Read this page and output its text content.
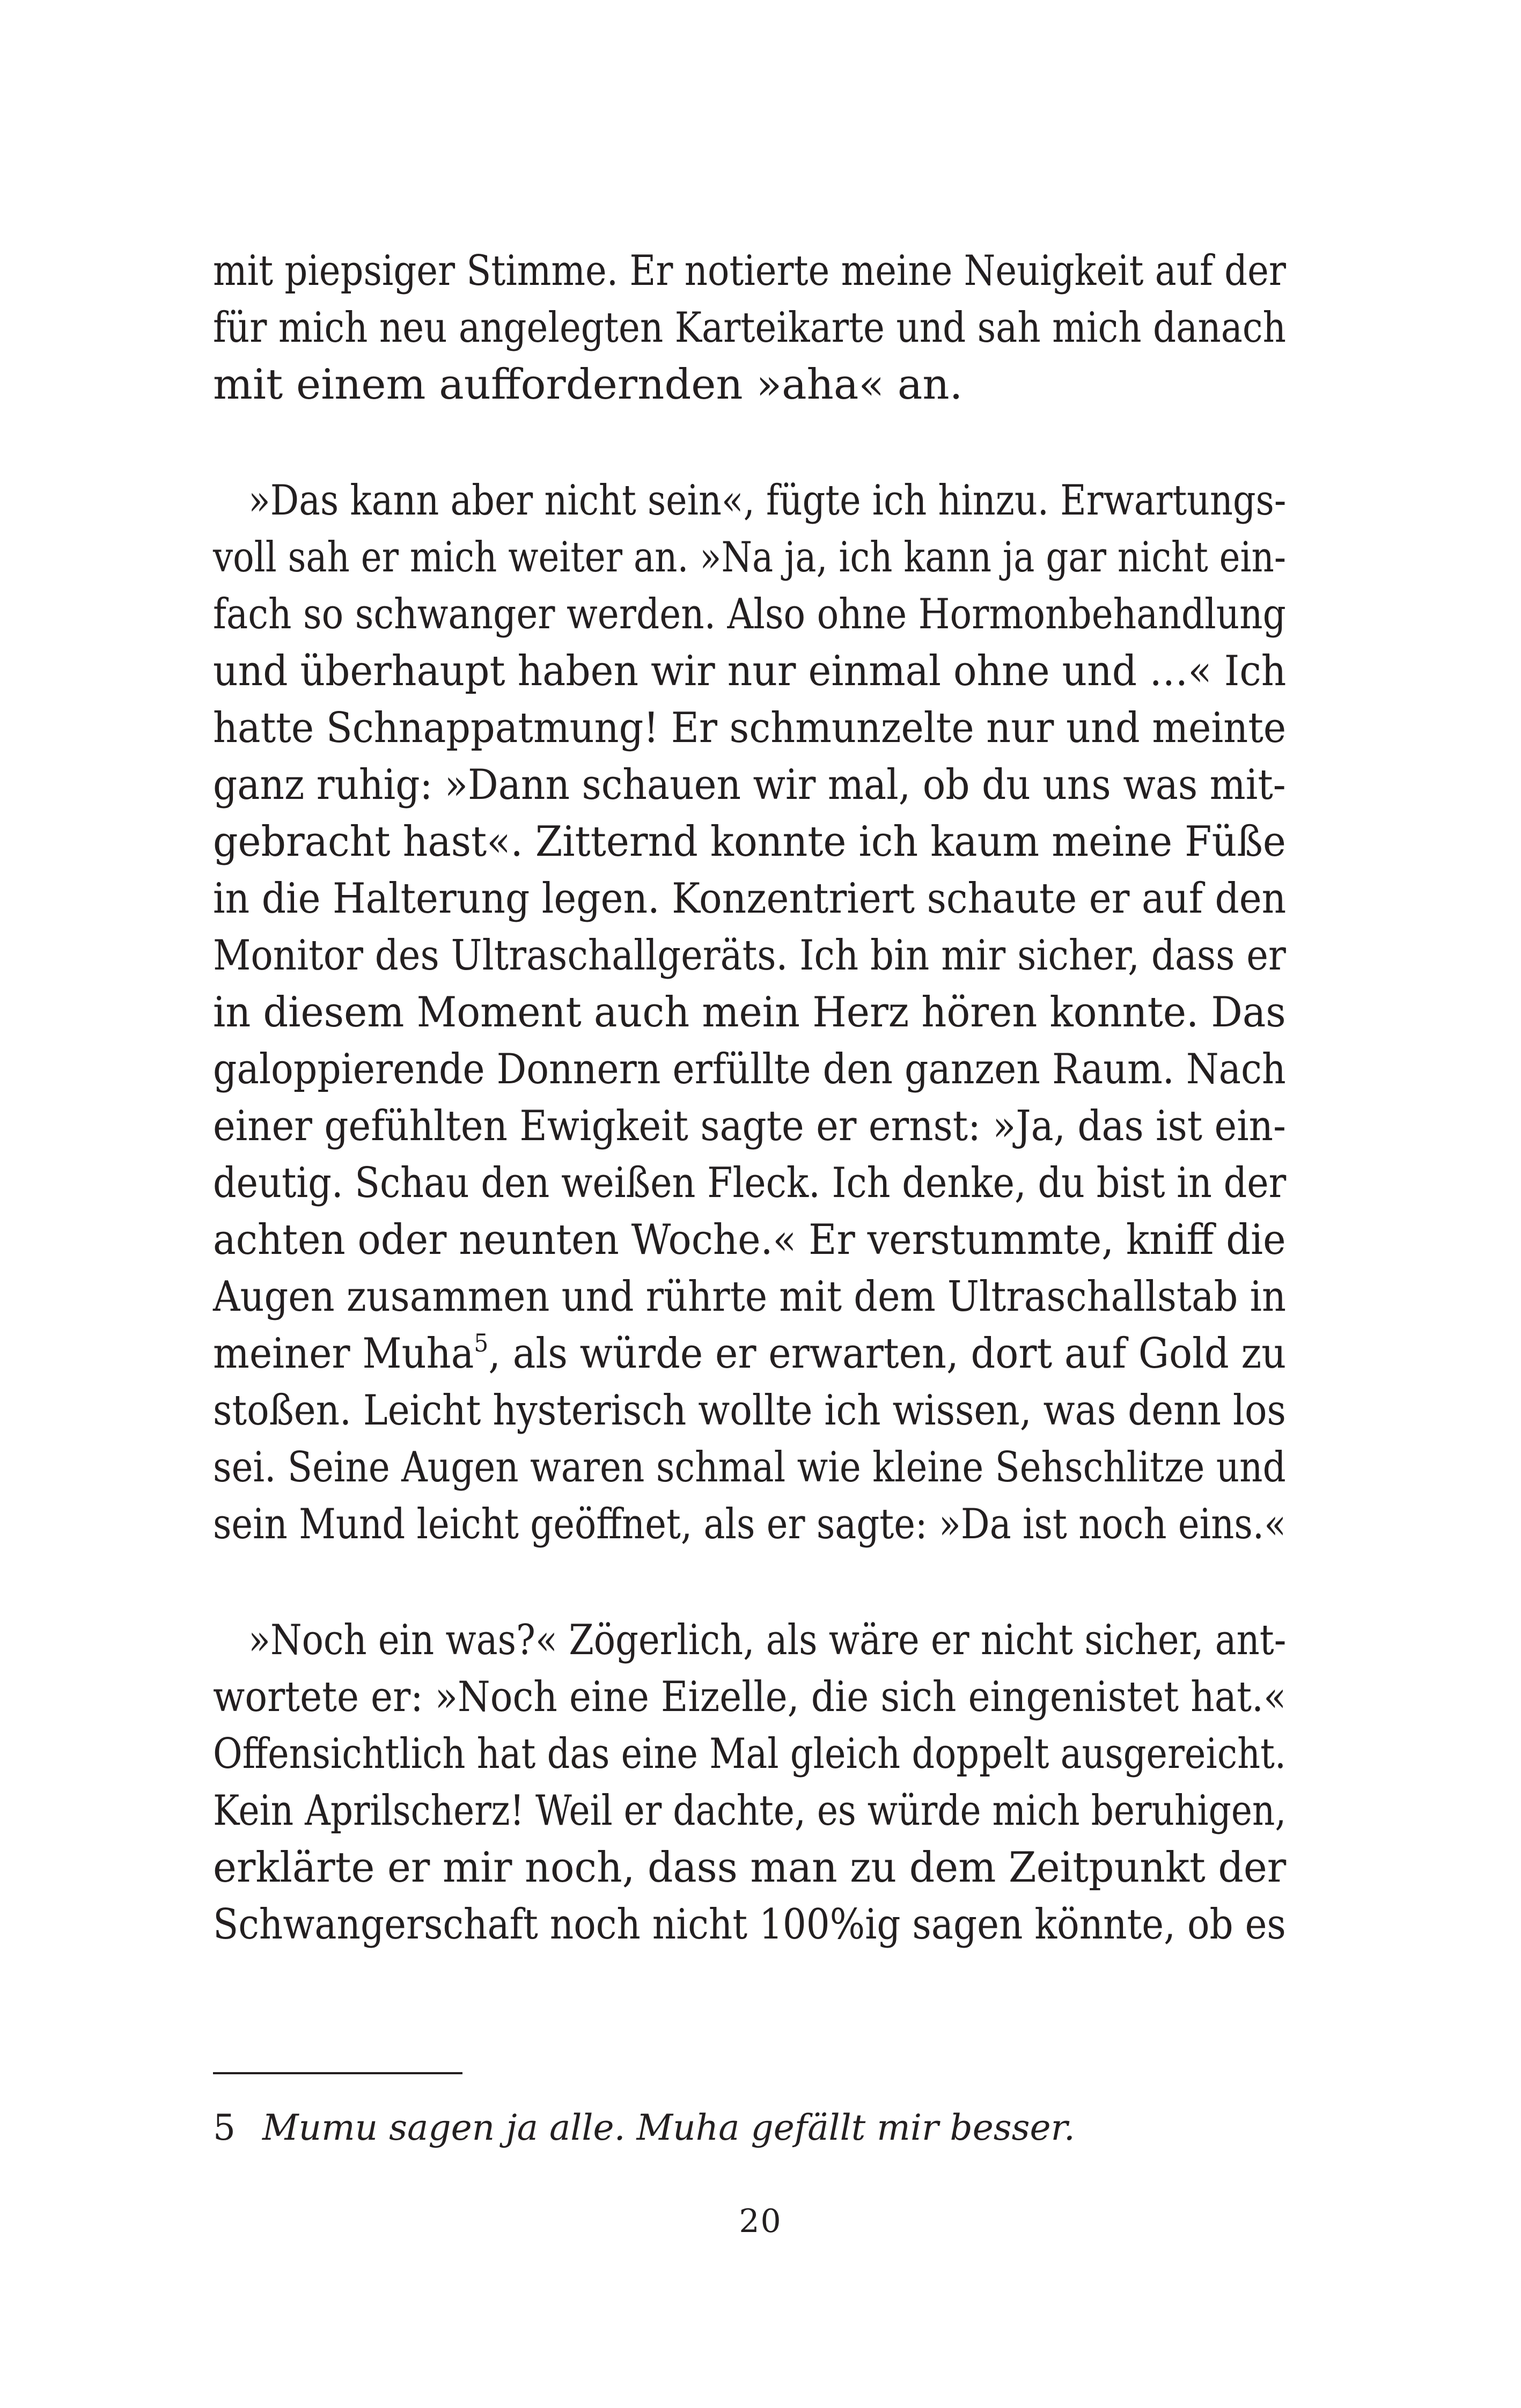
mit piepsiger Stimme. Er notierte meine Neuigkeit auf der
für mich neu angelegten Karteikarte und sah mich danach
mit einem auffordernden »aha« an.
»Das kann aber nicht sein«, fügte ich hinzu. Erwartungs-
voll sah er mich weiter an. »Na ja, ich kann ja gar nicht ein-
fach so schwanger werden. Also ohne Hormonbehandlung
und überhaupt haben wir nur einmal ohne und …« Ich
hatte Schnappatmung! Er schmunzelte nur und meinte
ganz ruhig: »Dann schauen wir mal, ob du uns was mit-
gebracht hast«. Zitternd konnte ich kaum meine Füße
in die Halterung legen. Konzentriert schaute er auf den
Monitor des Ultraschallgeräts. Ich bin mir sicher, dass er
in diesem Moment auch mein Herz hören konnte. Das
galoppierende Donnern erfüllte den ganzen Raum. Nach
einer gefühlten Ewigkeit sagte er ernst: »Ja, das ist ein-
deutig. Schau den weißen Fleck. Ich denke, du bist in der
achten oder neunten Woche.« Er verstummte, kniff die
Augen zusammen und rührte mit dem Ultraschallstab in
meiner Muha$^5$, als würde er erwarten, dort auf Gold zu
stoßen. Leicht hysterisch wollte ich wissen, was denn los
sei. Seine Augen waren schmal wie kleine Sehschlitze und
sein Mund leicht geöffnet, als er sagte: »Da ist noch eins.«
»Noch ein was?« Zögerlich, als wäre er nicht sicher, ant-
wortete er: »Noch eine Eizelle, die sich eingenistet hat.«
Offensichtlich hat das eine Mal gleich doppelt ausgereicht.
Kein Aprilscherz! Weil er dachte, es würde mich beruhigen,
erklärte er mir noch, dass man zu dem Zeitpunkt der
Schwangerschaft noch nicht 100%ig sagen könnte, ob es
5 Mumu sagen ja alle. Muha gefällt mir besser.
20
